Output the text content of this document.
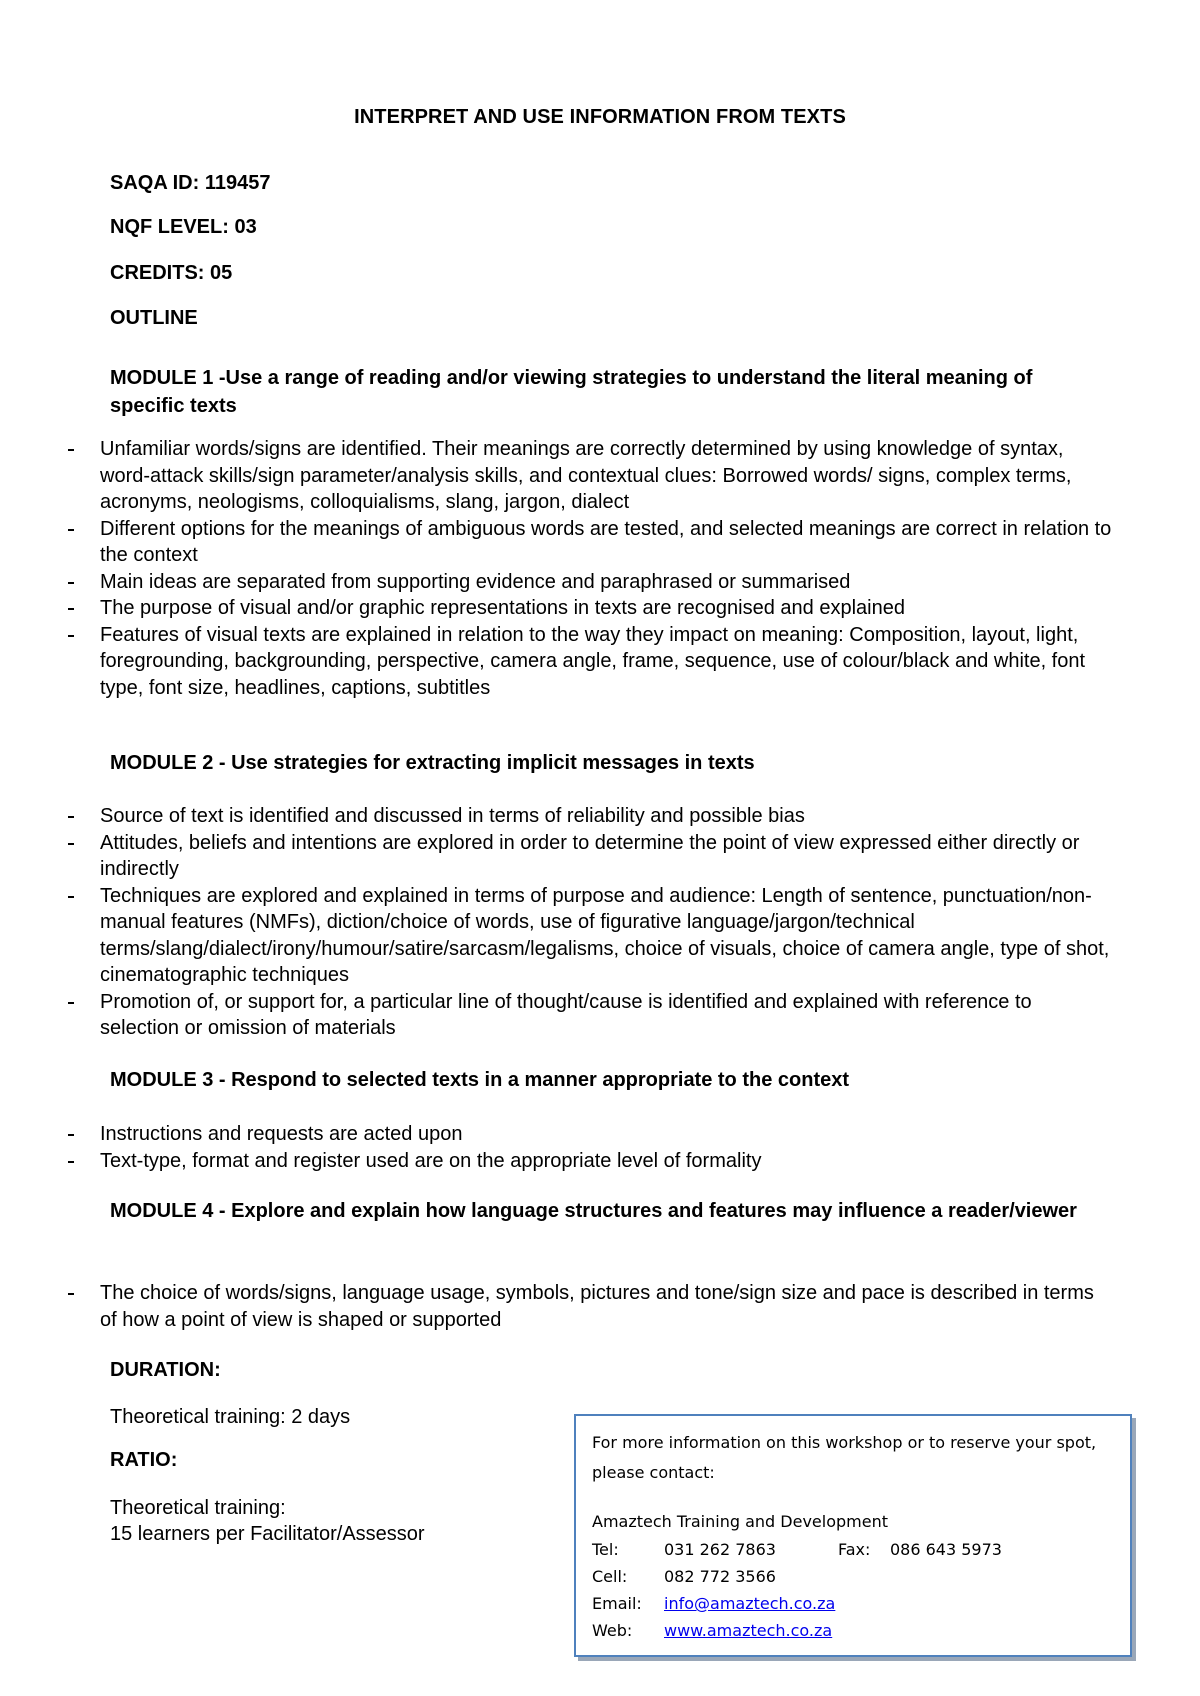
INTERPRET AND USE INFORMATION FROM TEXTS
SAQA ID: 119457
NQF LEVEL: 03
CREDITS: 05
OUTLINE
MODULE 1 -Use a range of reading and/or viewing strategies to understand the literal meaning of specific texts
Unfamiliar words/signs are identified. Their meanings are correctly determined by using knowledge of syntax, word-attack skills/sign parameter/analysis skills, and contextual clues: Borrowed words/ signs, complex terms, acronyms, neologisms, colloquialisms, slang, jargon, dialect
Different options for the meanings of ambiguous words are tested, and selected meanings are correct in relation to the context
Main ideas are separated from supporting evidence and paraphrased or summarised
The purpose of visual and/or graphic representations in texts are recognised and explained
Features of visual texts are explained in relation to the way they impact on meaning: Composition, layout, light, foregrounding, backgrounding, perspective, camera angle, frame, sequence, use of colour/black and white, font type, font size, headlines, captions, subtitles
MODULE 2 - Use strategies for extracting implicit messages in texts
Source of text is identified and discussed in terms of reliability and possible bias
Attitudes, beliefs and intentions are explored in order to determine the point of view expressed either directly or indirectly
Techniques are explored and explained in terms of purpose and audience: Length of sentence, punctuation/non-manual features (NMFs), diction/choice of words, use of figurative language/jargon/technical terms/slang/dialect/irony/humour/satire/sarcasm/legalisms, choice of visuals, choice of camera angle, type of shot, cinematographic techniques
Promotion of, or support for, a particular line of thought/cause is identified and explained with reference to selection or omission of materials
MODULE 3 - Respond to selected texts in a manner appropriate to the context
Instructions and requests are acted upon
Text-type, format and register used are on the appropriate level of formality
MODULE 4 - Explore and explain how language structures and features may influence a reader/viewer
The choice of words/signs, language usage, symbols, pictures and tone/sign size and pace is described in terms of how a point of view is shaped or supported
DURATION:
Theoretical training: 2 days
RATIO:
Theoretical training:
15 learners per Facilitator/Assessor
For more information on this workshop or to reserve your spot, please contact:
Amaztech Training and Development
Tel:	031 262 7863	Fax: 086 643 5973
Cell: 082 772 3566
Email: info@amaztech.co.za
Web: www.amaztech.co.za
